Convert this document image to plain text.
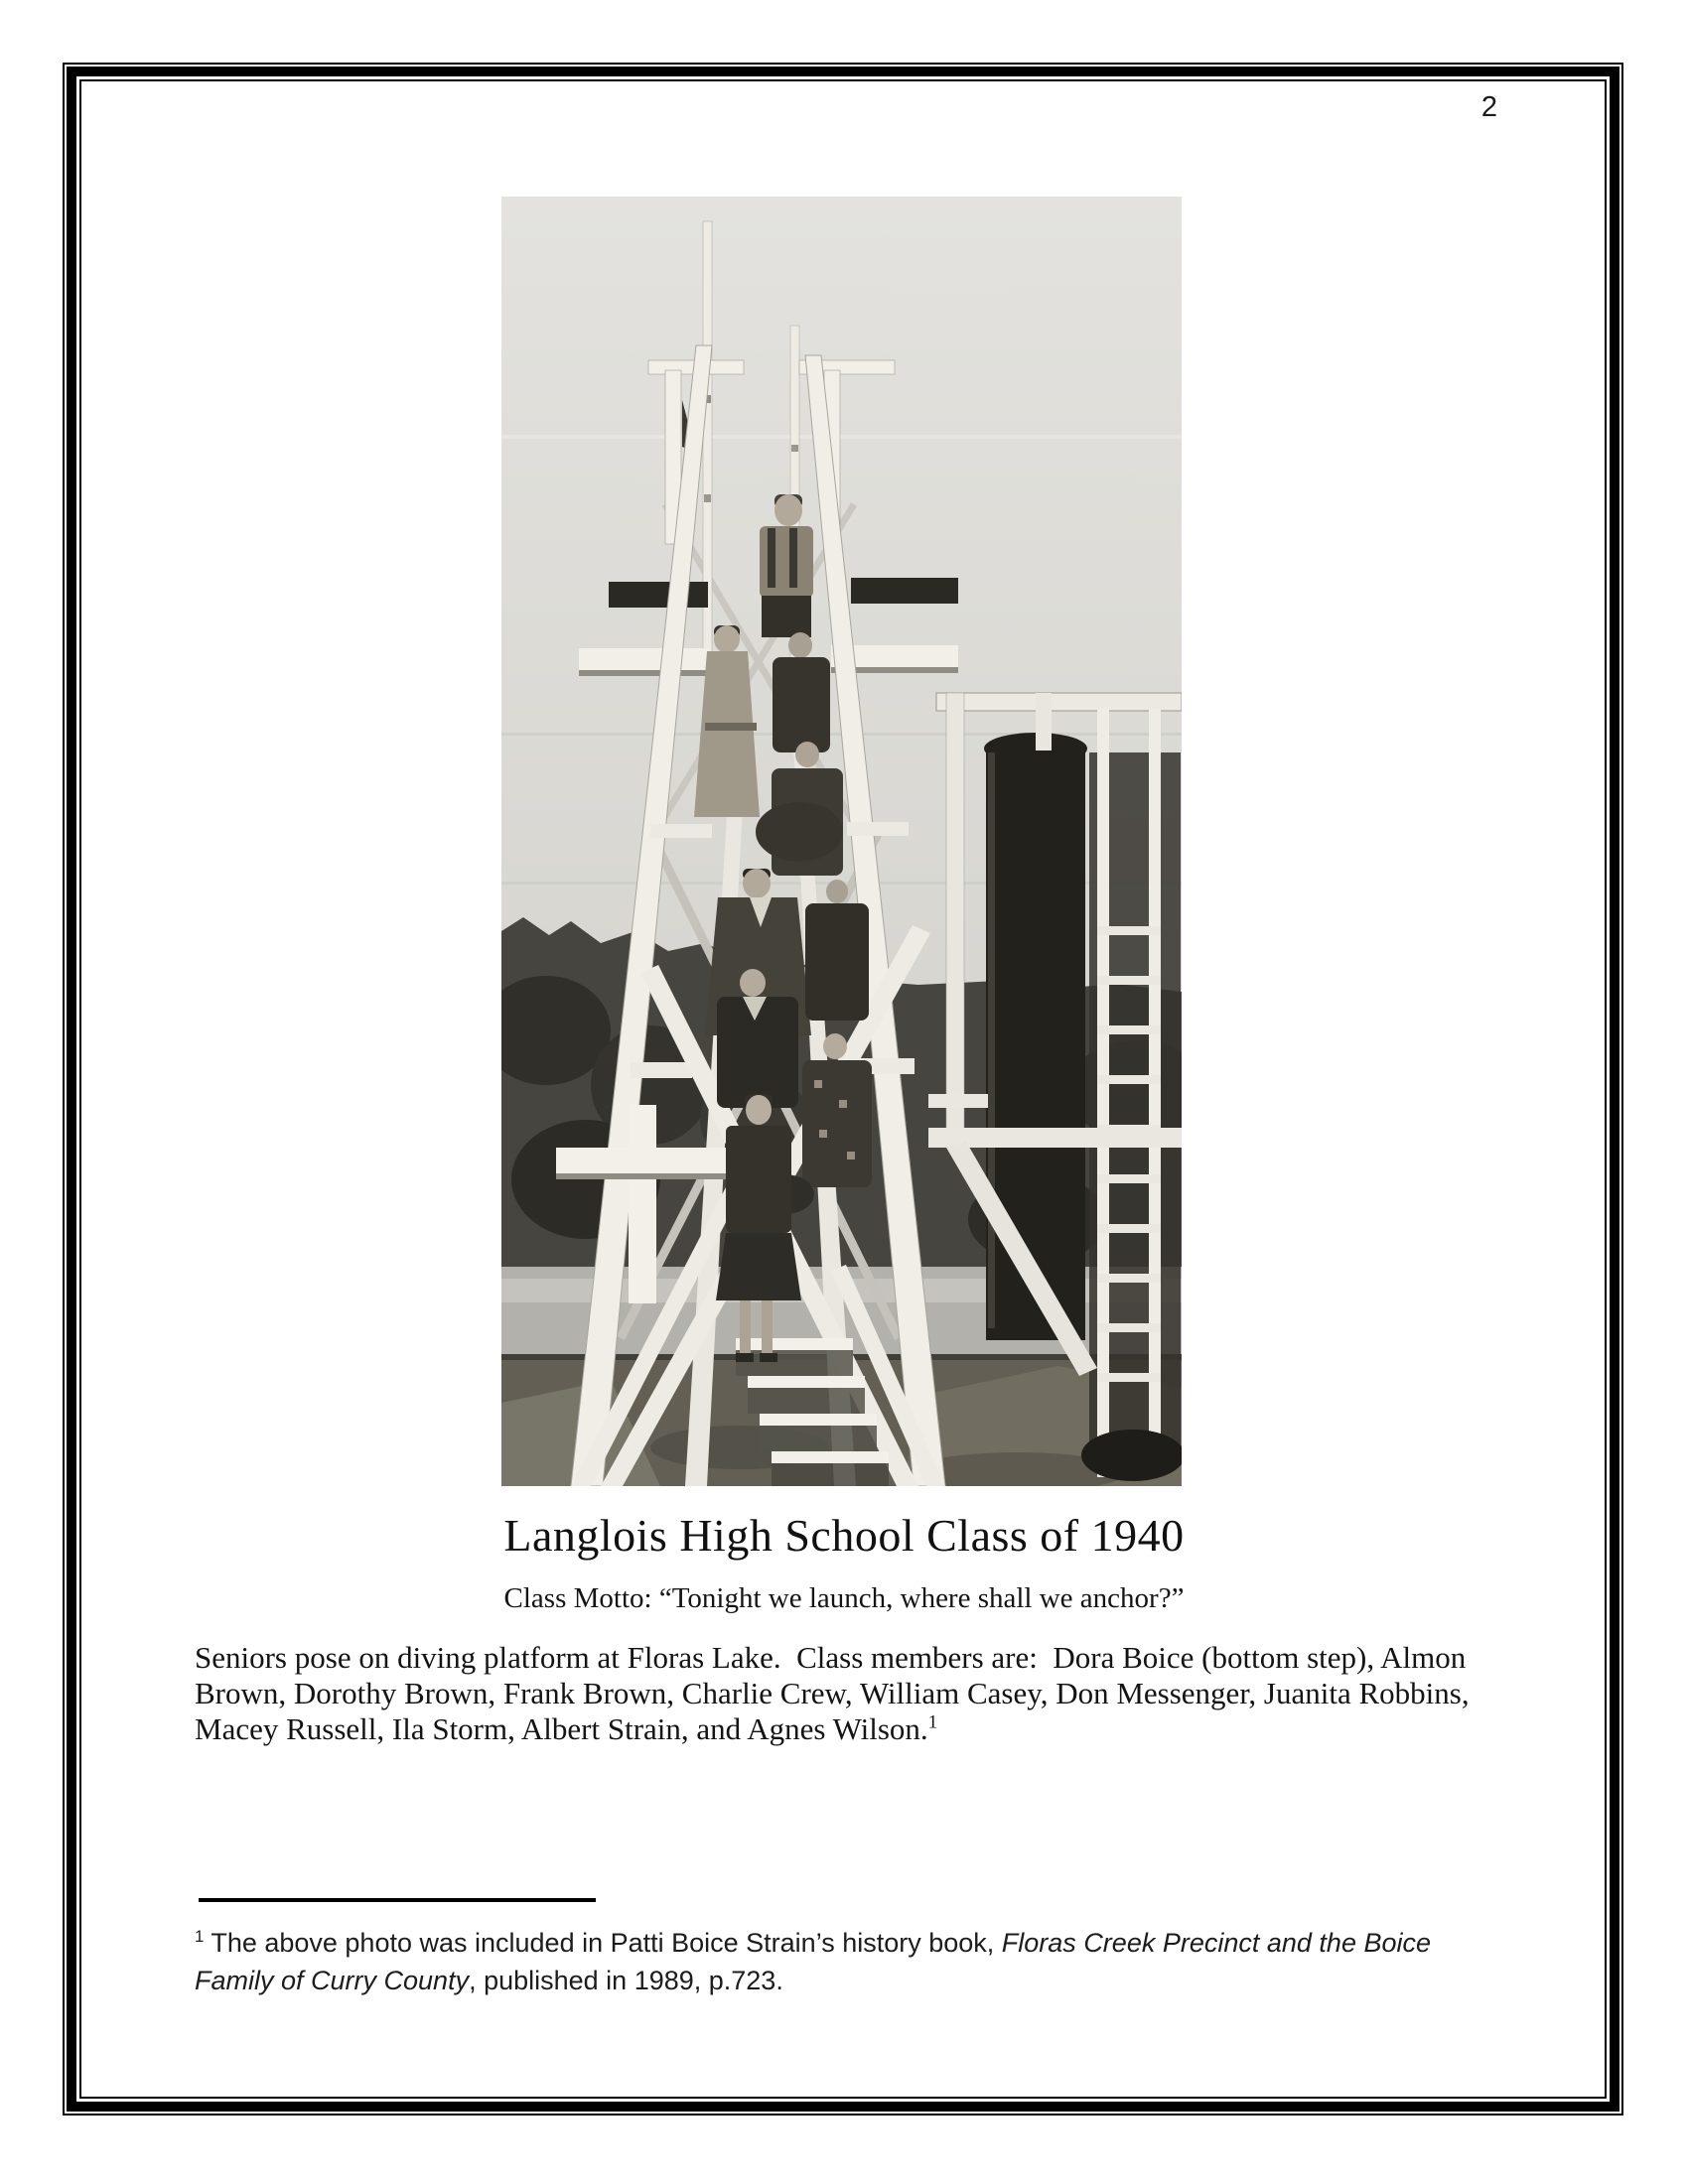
2
Langlois High School Class of 1940
Class Motto: “Tonight we launch, where shall we anchor?”
Seniors pose on diving platform at Floras Lake.  Class members are:  Dora Boice (bottom step), Almon Brown, Dorothy Brown, Frank Brown, Charlie Crew, William Casey, Don Messenger, Juanita Robbins, Macey Russell, Ila Storm, Albert Strain, and Agnes Wilson.$^1$
$^1$ The above photo was included in Patti Boice Strain’s history book, Floras Creek Precinct and the Boice Family of Curry County, published in 1989, p.723.
